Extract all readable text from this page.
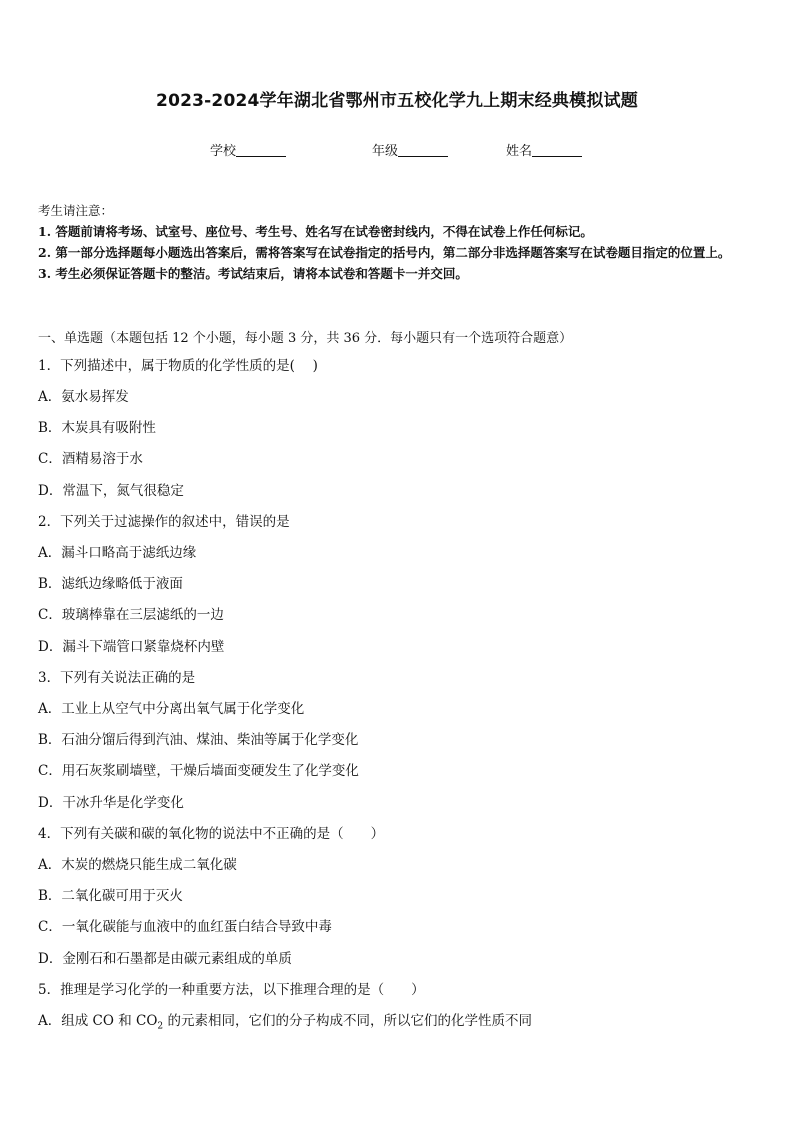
2023-2024学年湖北省鄂州市五校化学九上期末经典模拟试题
学校	年级	姓名
考生请注意：
1. 答题前请将考场、试室号、座位号、考生号、姓名写在试卷密封线内，不得在试卷上作任何标记。
2. 第一部分选择题每小题选出答案后，需将答案写在试卷指定的括号内，第二部分非选择题答案写在试卷题目指定的位置上。
3. 考生必须保证答题卡的整洁。考试结束后，请将本试卷和答题卡一并交回。
一、单选题（本题包括 12 个小题，每小题 3 分，共 36 分．每小题只有一个选项符合题意）
1．下列描述中，属于物质的化学性质的是(　 )
A．氨水易挥发
B．木炭具有吸附性
C．酒精易溶于水
D．常温下，氮气很稳定
2．下列关于过滤操作的叙述中，错误的是
A．漏斗口略高于滤纸边缘
B．滤纸边缘略低于液面
C．玻璃棒靠在三层滤纸的一边
D．漏斗下端管口紧靠烧杯内壁
3．下列有关说法正确的是
A．工业上从空气中分离出氧气属于化学变化
B．石油分馏后得到汽油、煤油、柴油等属于化学变化
C．用石灰浆刷墙壁，干燥后墙面变硬发生了化学变化
D．干冰升华是化学变化
4．下列有关碳和碳的氧化物的说法中不正确的是（　　）
A．木炭的燃烧只能生成二氧化碳
B．二氧化碳可用于灭火
C．一氧化碳能与血液中的血红蛋白结合导致中毒
D．金刚石和石墨都是由碳元素组成的单质
5．推理是学习化学的一种重要方法，以下推理合理的是（　　）
A．组成 CO 和 $CO_2$ 的元素相同，它们的分子构成不同，所以它们的化学性质不同
